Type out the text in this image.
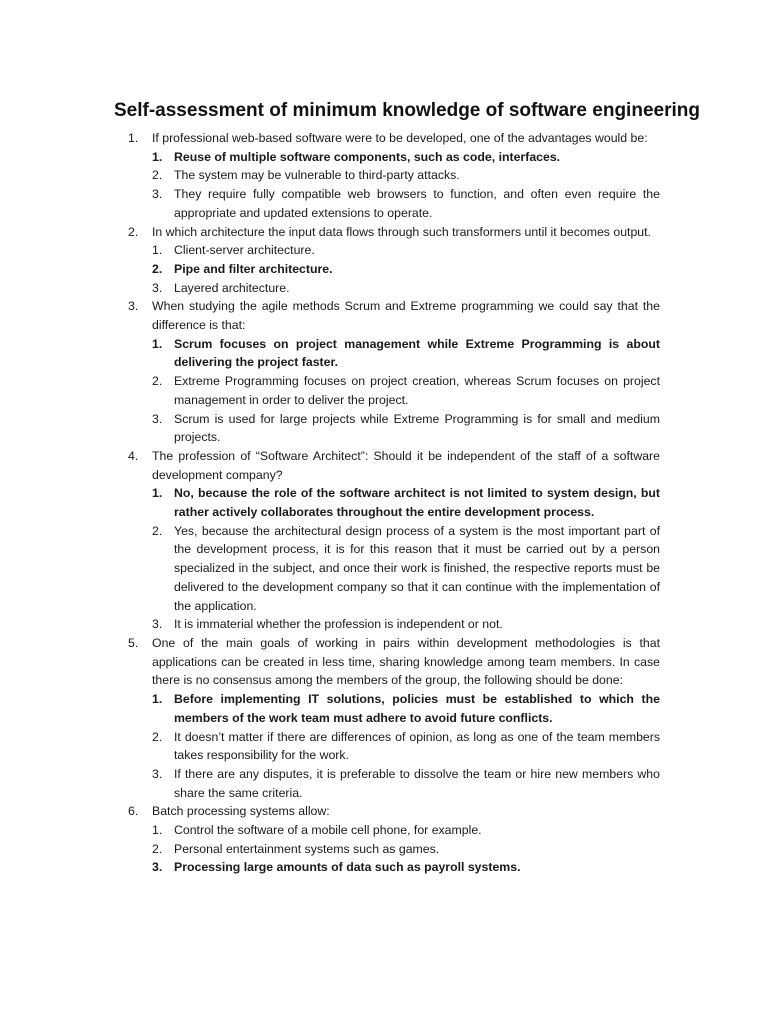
Self-assessment of minimum knowledge of software engineering
1. If professional web-based software were to be developed, one of the advantages would be:
1. Reuse of multiple software components, such as code, interfaces.
2. The system may be vulnerable to third-party attacks.
3. They require fully compatible web browsers to function, and often even require the appropriate and updated extensions to operate.
2. In which architecture the input data flows through such transformers until it becomes output.
1. Client-server architecture.
2. Pipe and filter architecture.
3. Layered architecture.
3. When studying the agile methods Scrum and Extreme programming we could say that the difference is that:
1. Scrum focuses on project management while Extreme Programming is about delivering the project faster.
2. Extreme Programming focuses on project creation, whereas Scrum focuses on project management in order to deliver the project.
3. Scrum is used for large projects while Extreme Programming is for small and medium projects.
4. The profession of “Software Architect”: Should it be independent of the staff of a software development company?
1. No, because the role of the software architect is not limited to system design, but rather actively collaborates throughout the entire development process.
2. Yes, because the architectural design process of a system is the most important part of the development process, it is for this reason that it must be carried out by a person specialized in the subject, and once their work is finished, the respective reports must be delivered to the development company so that it can continue with the implementation of the application.
3. It is immaterial whether the profession is independent or not.
5. One of the main goals of working in pairs within development methodologies is that applications can be created in less time, sharing knowledge among team members. In case there is no consensus among the members of the group, the following should be done:
1. Before implementing IT solutions, policies must be established to which the members of the work team must adhere to avoid future conflicts.
2. It doesn’t matter if there are differences of opinion, as long as one of the team members takes responsibility for the work.
3. If there are any disputes, it is preferable to dissolve the team or hire new members who share the same criteria.
6. Batch processing systems allow:
1. Control the software of a mobile cell phone, for example.
2. Personal entertainment systems such as games.
3. Processing large amounts of data such as payroll systems.
